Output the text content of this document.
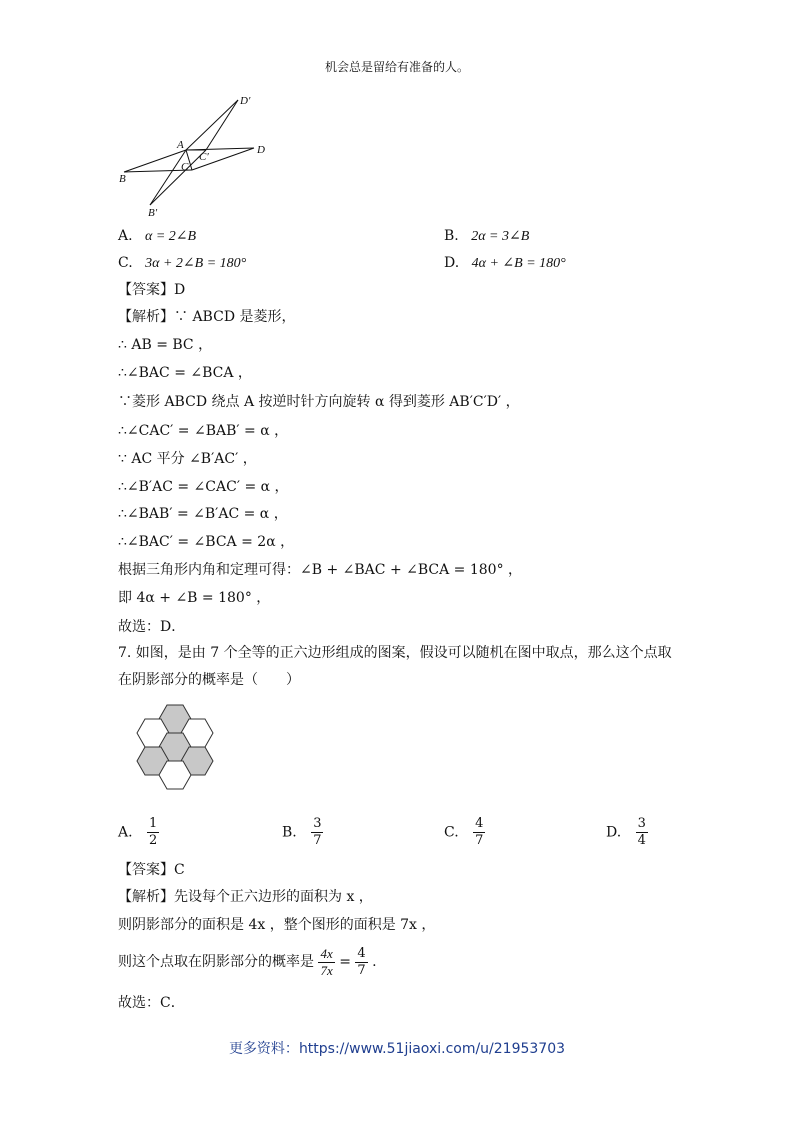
机会总是留给有准备的人。
D′
A
C′
D
C
B
B′
A. α = 2∠B	B. 2α = 3∠B
C. 3α + 2∠B = 180°	D. 4α + ∠B = 180°
【答案】D
【解析】∵ ABCD 是菱形，
∴ AB = BC ，
∴∠BAC = ∠BCA ，
∵菱形 ABCD 绕点 A 按逆时针方向旋转 α 得到菱形 AB′C′D′ ，
∴∠CAC′ = ∠BAB′ = α ，
∵ AC 平分 ∠B′AC′ ，
∴∠B′AC = ∠CAC′ = α ，
∴∠BAB′ = ∠B′AC = α ，
∴∠BAC′ = ∠BCA = 2α ，
根据三角形内角和定理可得：∠B + ∠BAC + ∠BCA = 180° ，
即 4α + ∠B = 180° ，
故选：D．
7. 如图，是由 7 个全等的正六边形组成的图案，假设可以随机在图中取点，那么这个点取
在阴影部分的概率是（　　）
A. $\frac{1}{2}$	B. $\frac{3}{7}$	C. $\frac{4}{7}$	D. $\frac{3}{4}$
【答案】C
【解析】先设每个正六边形的面积为 x ，
则阴影部分的面积是 4x ，整个图形的面积是 7x ，
则这个点取在阴影部分的概率是 $\frac{4x}{7x} = \frac{4}{7}$ .
故选：C．
更多资料：https://www.51jiaoxi.com/u/21953703
